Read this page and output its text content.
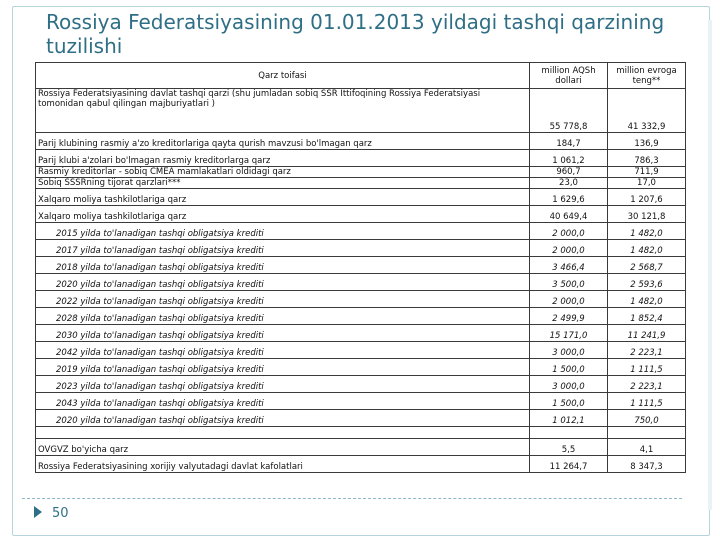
Rossiya Federatsiyasining 01.01.2013 yildagi tashqi qarzining tuzilishi
Qarz toifasi	million AQSh dollari	million evroga teng**
Rossiya Federatsiyasining davlat tashqi qarzi (shu jumladan sobiq SSR Ittifoqining Rossiya Federatsiyasi tomonidan qabul qilingan majburiyatlari )	55 778,8	41 332,9
Parij klubining rasmiy a'zo kreditorlariga qayta qurish mavzusi bo'lmagan qarz	184,7	136,9
Parij klubi a'zolari bo'lmagan rasmiy kreditorlarga qarz	1 061,2	786,3
Rasmiy kreditorlar - sobiq CMEA mamlakatlari oldidagi qarz	960,7	711,9
Sobiq SSSRning tijorat qarzlari***	23,0	17,0
Xalqaro moliya tashkilotlariga qarz	1 629,6	1 207,6
Xalqaro moliya tashkilotlariga qarz	40 649,4	30 121,8
2015 yilda to'lanadigan tashqi obligatsiya krediti	2 000,0	1 482,0
2017 yilda to'lanadigan tashqi obligatsiya krediti	2 000,0	1 482,0
2018 yilda to'lanadigan tashqi obligatsiya krediti	3 466,4	2 568,7
2020 yilda to'lanadigan tashqi obligatsiya krediti	3 500,0	2 593,6
2022 yilda to'lanadigan tashqi obligatsiya krediti	2 000,0	1 482,0
2028 yilda to'lanadigan tashqi obligatsiya krediti	2 499,9	1 852,4
2030 yilda to'lanadigan tashqi obligatsiya krediti	15 171,0	11 241,9
2042 yilda to'lanadigan tashqi obligatsiya krediti	3 000,0	2 223,1
2019 yilda to'lanadigan tashqi obligatsiya krediti	1 500,0	1 111,5
2023 yilda to'lanadigan tashqi obligatsiya krediti	3 000,0	2 223,1
2043 yilda to'lanadigan tashqi obligatsiya krediti	1 500,0	1 111,5
2020 yilda to'lanadigan tashqi obligatsiya krediti	1 012,1	750,0

OVGVZ bo'yicha qarz	5,5	4,1
Rossiya Federatsiyasining xorijiy valyutadagi davlat kafolatlari	11 264,7	8 347,3
50
